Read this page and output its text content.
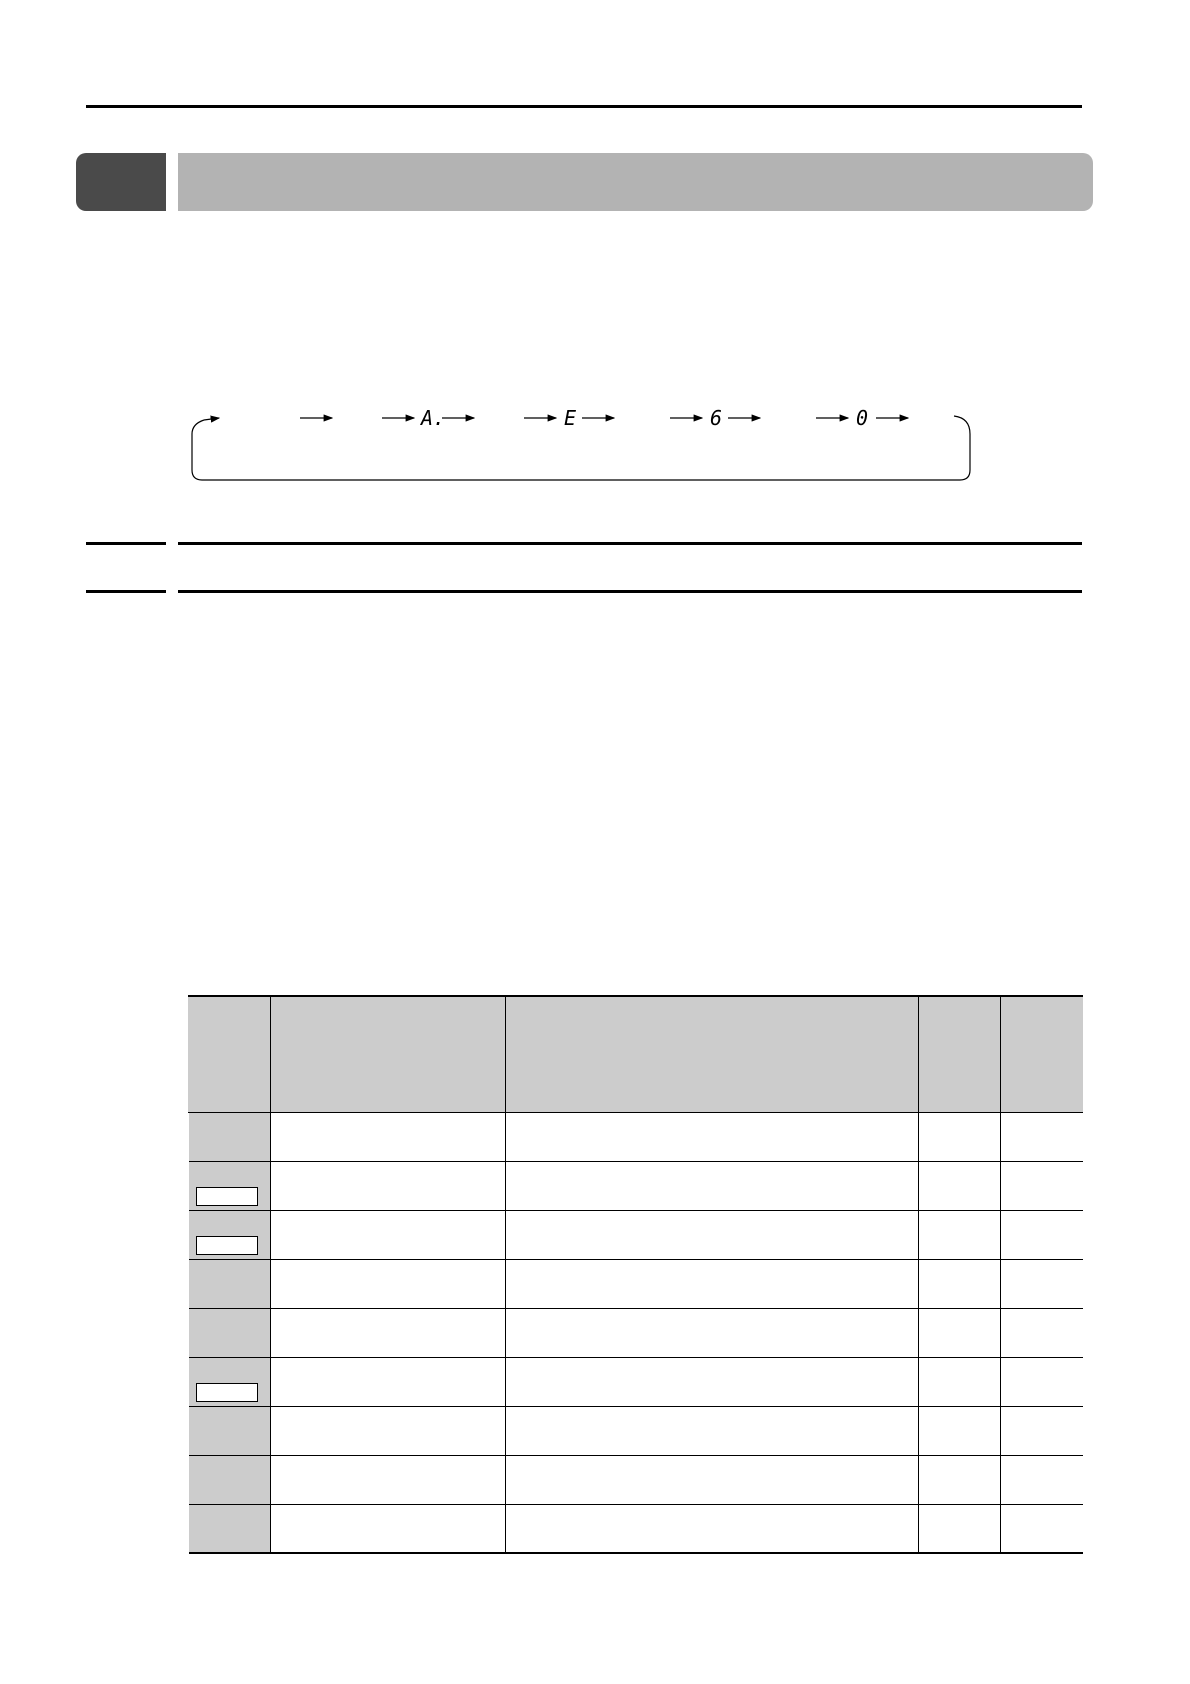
A.	E	6	0
